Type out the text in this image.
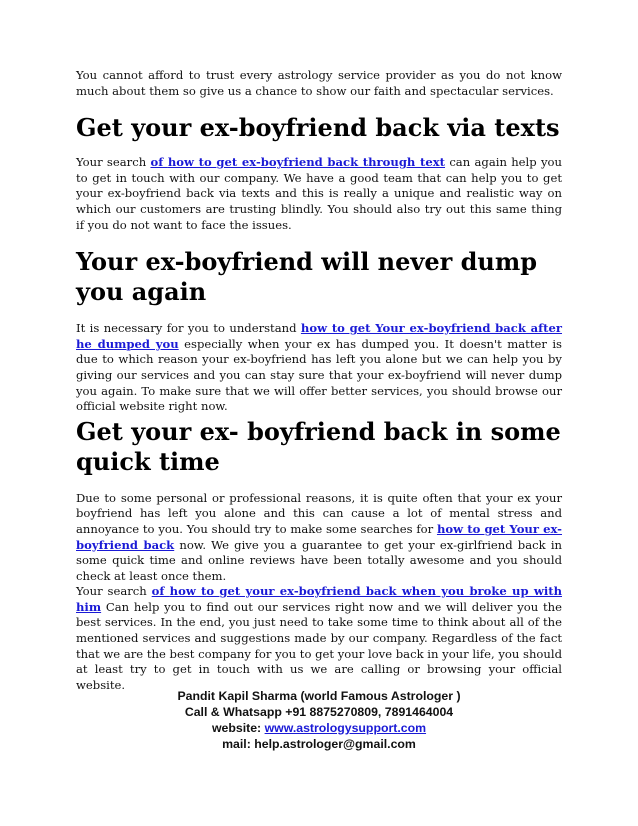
You cannot afford to trust every astrology service provider as you do not know much about them so give us a chance to show our faith and spectacular services.

Get your ex-boyfriend back via texts

Your search of how to get ex-boyfriend back through text can again help you to get in touch with our company. We have a good team that can help you to get your ex-boyfriend back via texts and this is really a unique and realistic way on which our customers are trusting blindly. You should also try out this same thing if you do not want to face the issues.

Your ex-boyfriend will never dump you again

It is necessary for you to understand how to get Your ex-boyfriend back after he dumped you especially when your ex has dumped you. It doesn't matter is due to which reason your ex-boyfriend has left you alone but we can help you by giving our services and you can stay sure that your ex-boyfriend will never dump you again. To make sure that we will offer better services, you should browse our official website right now.

Get your ex- boyfriend back in some quick time

Due to some personal or professional reasons, it is quite often that your ex your boyfriend has left you alone and this can cause a lot of mental stress and annoyance to you. You should try to make some searches for how to get Your ex-boyfriend back now. We give you a guarantee to get your ex-girlfriend back in some quick time and online reviews have been totally awesome and you should check at least once them.
Your search of how to get your ex-boyfriend back when you broke up with him Can help you to find out our services right now and we will deliver you the best services. In the end, you just need to take some time to think about all of the mentioned services and suggestions made by our company. Regardless of the fact that we are the best company for you to get your love back in your life, you should at least try to get in touch with us we are calling or browsing your official website.

Pandit Kapil Sharma (world Famous Astrologer )
Call & Whatsapp +91 8875270809, 7891464004
website: www.astrologysupport.com
mail: help.astrologer@gmail.com
